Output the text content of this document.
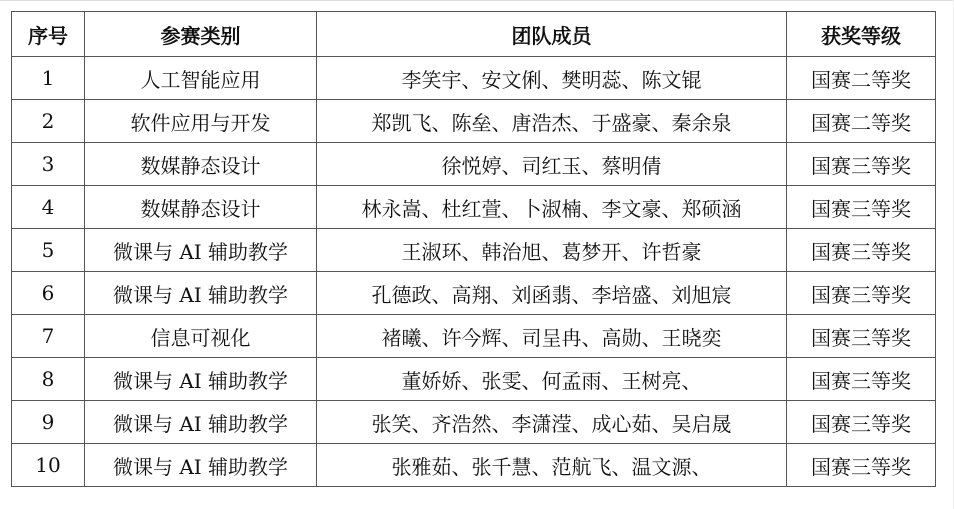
序号	参赛类别	团队成员	获奖等级
1	人工智能应用	李笑宇、安文俐、樊明蕊、陈文锟	国赛二等奖
2	软件应用与开发	郑凯飞、陈垒、唐浩杰、于盛豪、秦余泉	国赛二等奖
3	数媒静态设计	徐悦婷、司红玉、蔡明倩	国赛三等奖
4	数媒静态设计	林永嵩、杜红萱、卜淑楠、李文豪、郑硕涵	国赛三等奖
5	微课与 AI 辅助教学	王淑环、韩治旭、葛梦开、许哲豪	国赛三等奖
6	微课与 AI 辅助教学	孔德政、高翔、刘函翡、李培盛、刘旭宸	国赛三等奖
7	信息可视化	褚曦、许今辉、司呈冉、高勋、王晓奕	国赛三等奖
8	微课与 AI 辅助教学	董娇娇、张雯、何孟雨、王树亮、	国赛三等奖
9	微课与 AI 辅助教学	张笑、齐浩然、李潇滢、成心茹、吴启晟	国赛三等奖
10	微课与 AI 辅助教学	张雅茹、张千慧、范航飞、温文源、	国赛三等奖
